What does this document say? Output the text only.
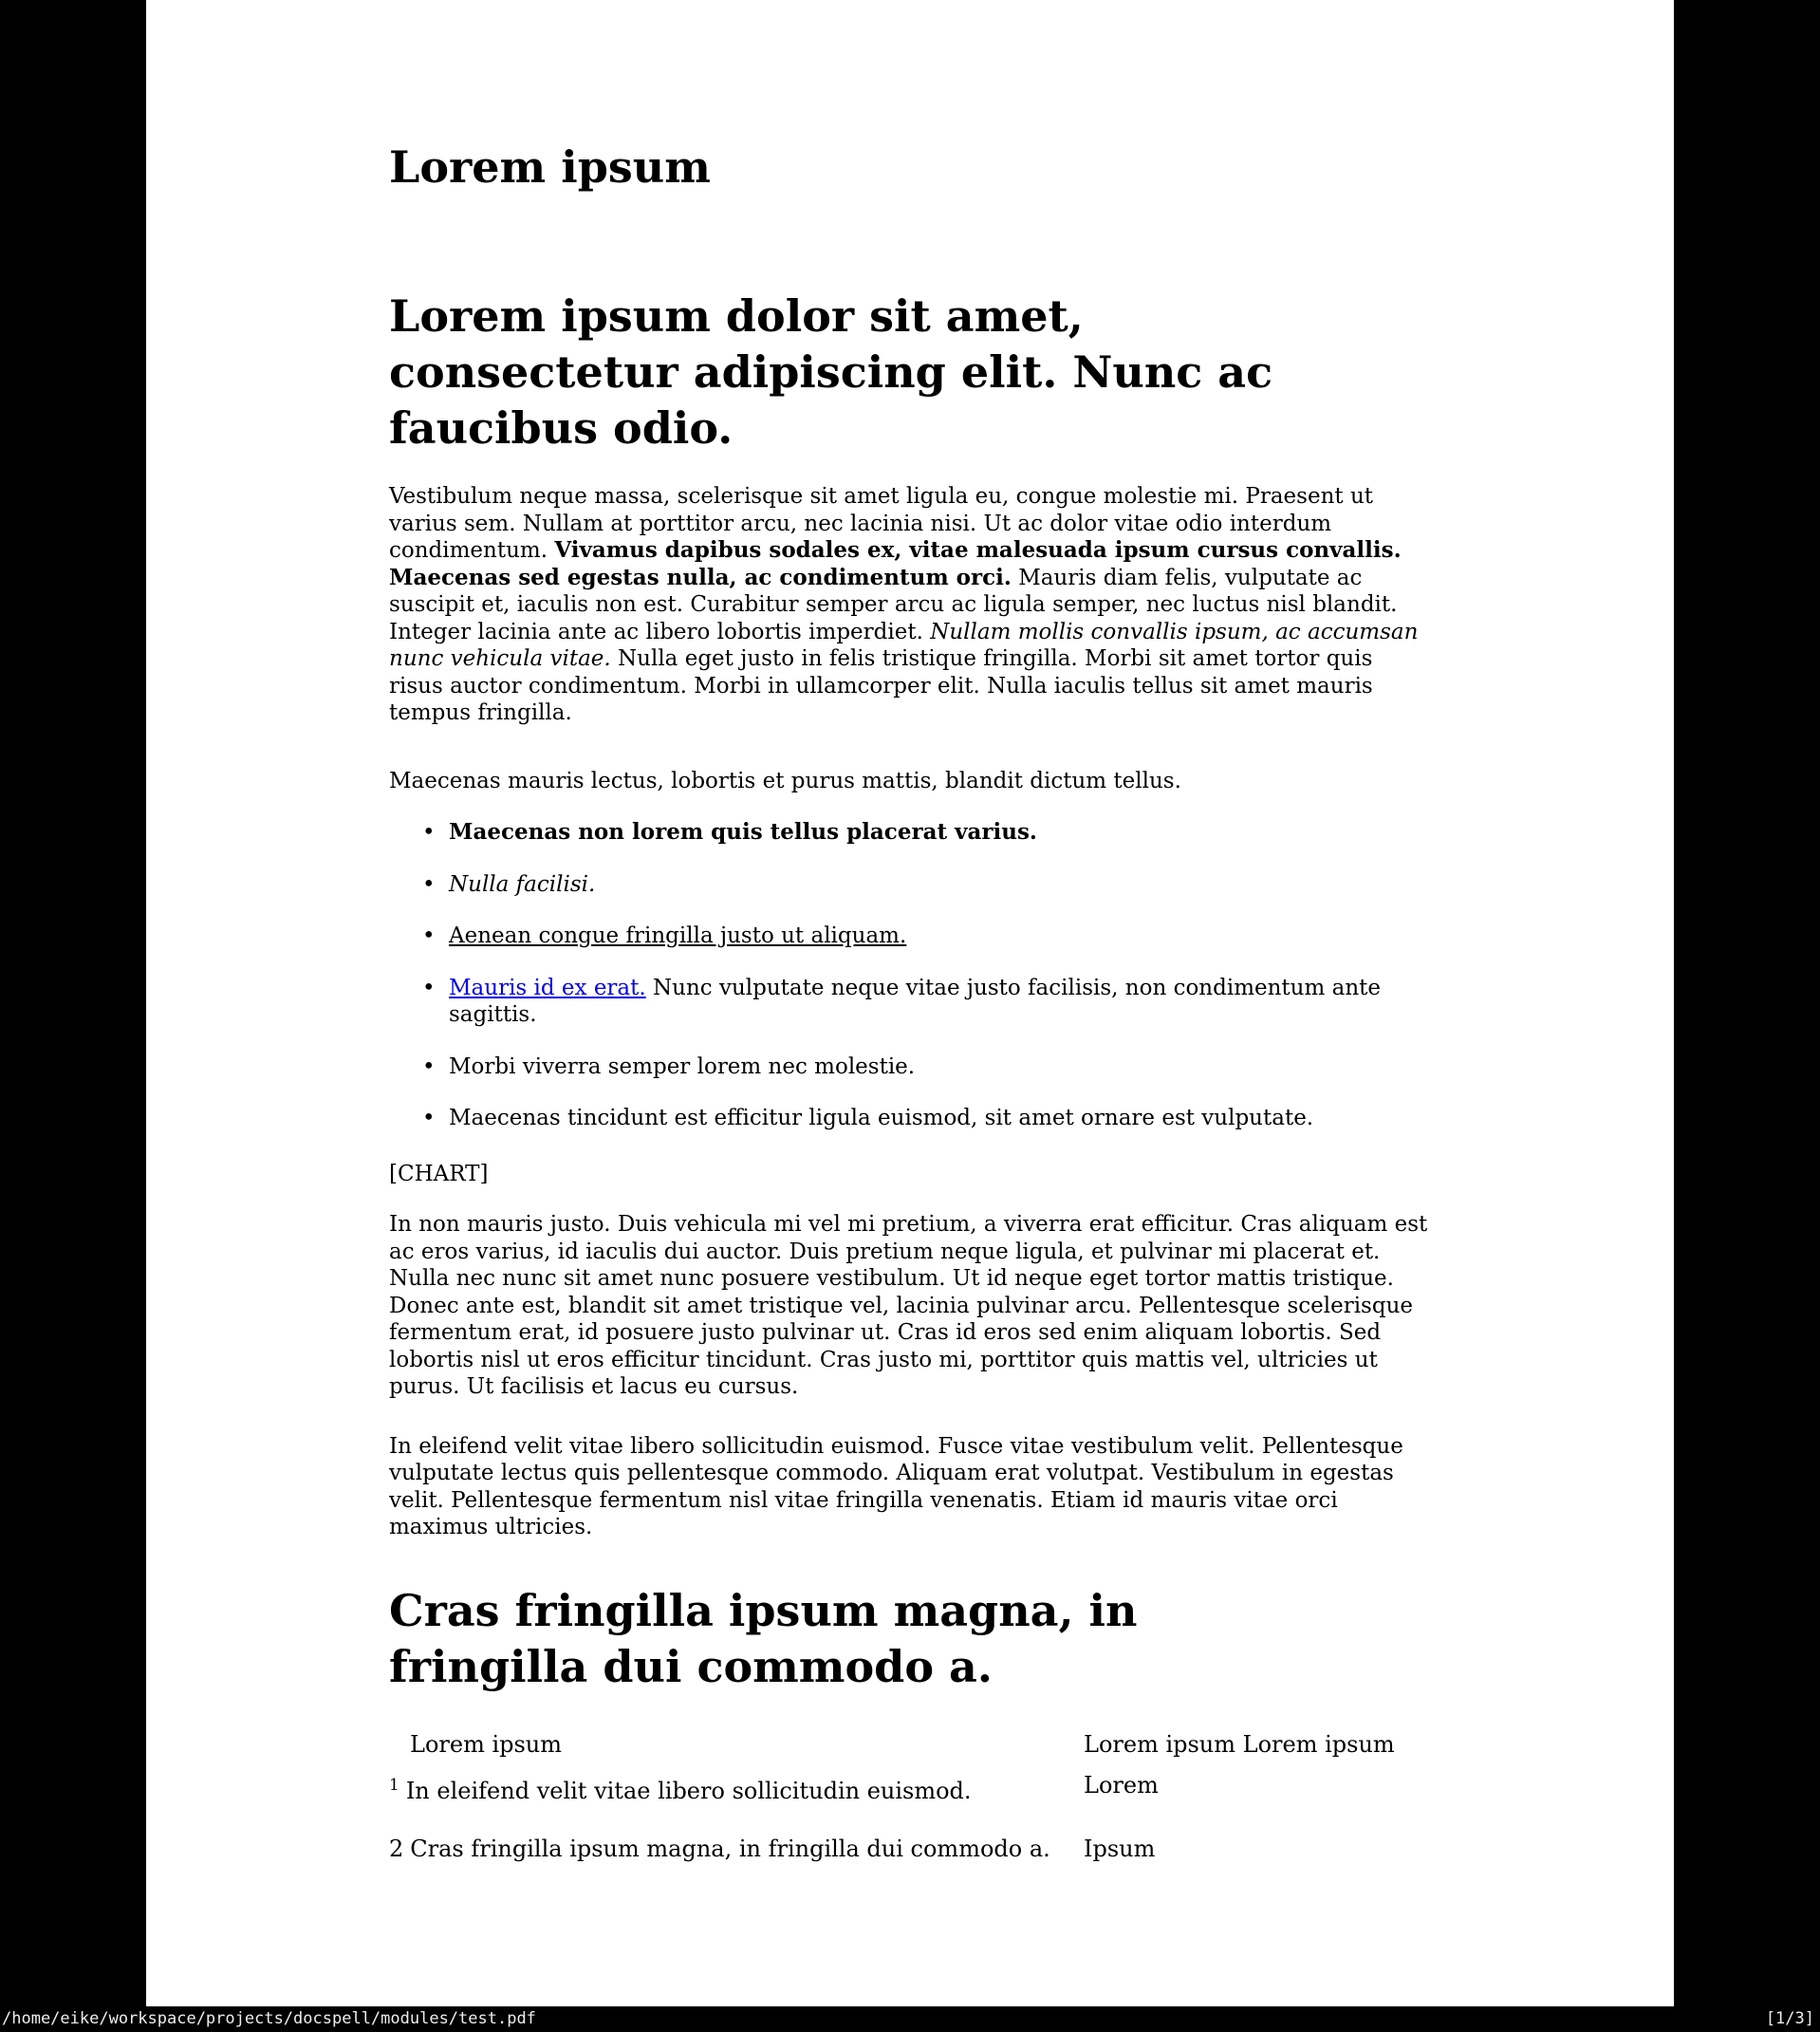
Lorem ipsum
Lorem ipsum dolor sit amet,
consectetur adipiscing elit. Nunc ac
faucibus odio.

Vestibulum neque massa, scelerisque sit amet ligula eu, congue molestie mi. Praesent ut varius sem. Nullam at porttitor arcu, nec lacinia nisi. Ut ac dolor vitae odio interdum condimentum. Vivamus dapibus sodales ex, vitae malesuada ipsum cursus convallis. Maecenas sed egestas nulla, ac condimentum orci. Mauris diam felis, vulputate ac suscipit et, iaculis non est. Curabitur semper arcu ac ligula semper, nec luctus nisl blandit. Integer lacinia ante ac libero lobortis imperdiet. Nullam mollis convallis ipsum, ac accumsan nunc vehicula vitae. Nulla eget justo in felis tristique fringilla. Morbi sit amet tortor quis risus auctor condimentum. Morbi in ullamcorper elit. Nulla iaculis tellus sit amet mauris tempus fringilla.

Maecenas mauris lectus, lobortis et purus mattis, blandit dictum tellus.

• Maecenas non lorem quis tellus placerat varius.
• Nulla facilisi.
• Aenean congue fringilla justo ut aliquam.
• Mauris id ex erat. Nunc vulputate neque vitae justo facilisis, non condimentum ante sagittis.
• Morbi viverra semper lorem nec molestie.
• Maecenas tincidunt est efficitur ligula euismod, sit amet ornare est vulputate.

[CHART]

In non mauris justo. Duis vehicula mi vel mi pretium, a viverra erat efficitur. Cras aliquam est ac eros varius, id iaculis dui auctor. Duis pretium neque ligula, et pulvinar mi placerat et. Nulla nec nunc sit amet nunc posuere vestibulum. Ut id neque eget tortor mattis tristique. Donec ante est, blandit sit amet tristique vel, lacinia pulvinar arcu. Pellentesque scelerisque fermentum erat, id posuere justo pulvinar ut. Cras id eros sed enim aliquam lobortis. Sed lobortis nisl ut eros efficitur tincidunt. Cras justo mi, porttitor quis mattis vel, ultricies ut purus. Ut facilisis et lacus eu cursus.

In eleifend velit vitae libero sollicitudin euismod. Fusce vitae vestibulum velit. Pellentesque vulputate lectus quis pellentesque commodo. Aliquam erat volutpat. Vestibulum in egestas velit. Pellentesque fermentum nisl vitae fringilla venenatis. Etiam id mauris vitae orci maximus ultricies.

Cras fringilla ipsum magna, in
fringilla dui commodo a.
Lorem ipsum	Lorem ipsum Lorem ipsum
$^1$ In eleifend velit vitae libero sollicitudin euismod.	Lorem
2 Cras fringilla ipsum magna, in fringilla dui commodo a.	Ipsum
/home/eike/workspace/projects/docspell/modules/test.pdf	[1/3]
